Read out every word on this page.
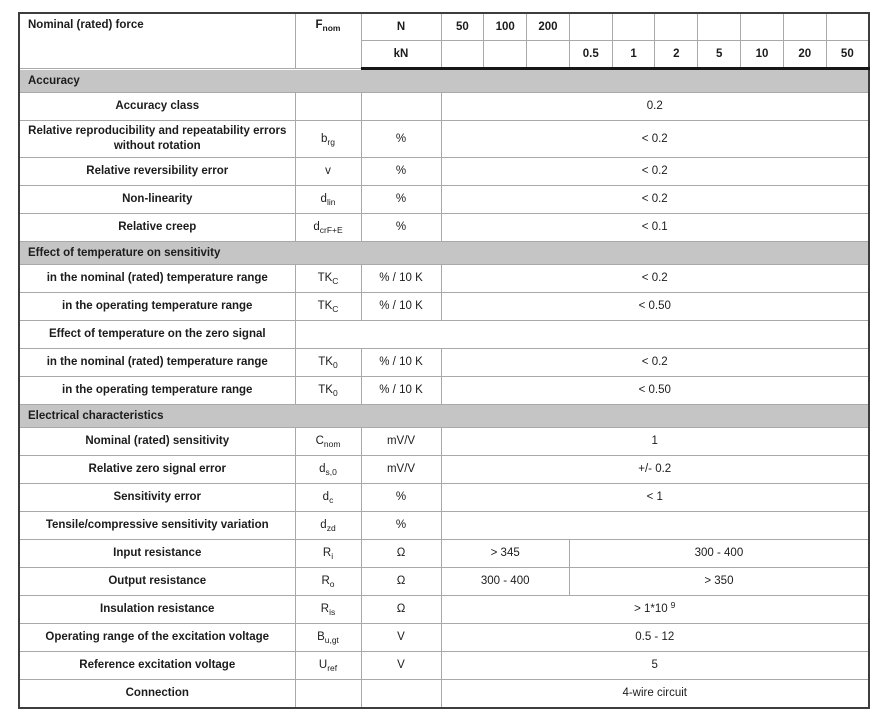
Nominal (rated) force	$F_{nom}$	N	50	100	200							
		kN				0.5	1	2	5	10	20	50
Accuracy												
Accuracy class			0.2									
Relative reproducibility and repeatability errors without rotation	$b_{rg}$	%	< 0.2									
Relative reversibility error	v	%	< 0.2									
Non-linearity	$d_{lin}$	%	< 0.2									
Relative creep	$d_{crF+E}$	%	< 0.1									
Effect of temperature on sensitivity												
in the nominal (rated) temperature range	$TK_C$	% / 10 K	< 0.2									
in the operating temperature range	$TK_C$	% / 10 K	< 0.50									
Effect of temperature on the zero signal												
in the nominal (rated) temperature range	$TK_0$	% / 10 K	< 0.2									
in the operating temperature range	$TK_0$	% / 10 K	< 0.50									
Electrical characteristics												
Nominal (rated) sensitivity	$C_{nom}$	mV/V	1									
Relative zero signal error	$d_{s,0}$	mV/V	+/- 0.2									
Sensitivity error	$d_c$	%	< 1									
Tensile/compressive sensitivity variation	$d_{zd}$	%										
Input resistance	$R_i$	Ω	> 345			300 - 400						
Output resistance	$R_o$	Ω	300 - 400			> 350						
Insulation resistance	$R_{is}$	Ω	> 1*10 $^9$
Operating range of the excitation voltage	$B_{u,gt}$	V	0.5 - 12									
Reference excitation voltage	$U_{ref}$	V	5									
Connection			4-wire circuit									
